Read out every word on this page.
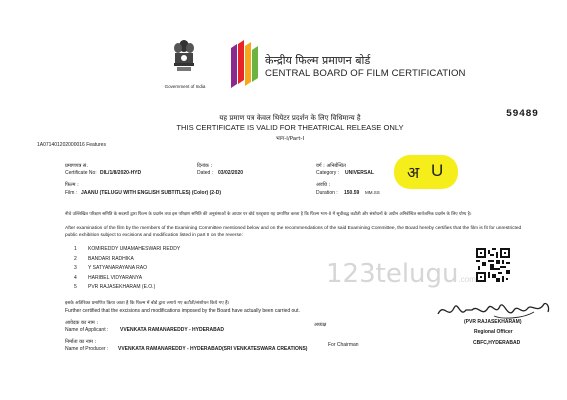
Government of India
केन्द्रीय फिल्म प्रमाणन बोर्ड
CENTRAL BOARD OF FILM CERTIFICATION
यह प्रमाण पत्र केवल थियेटर प्रदर्शन के लिए विधिमान्य है
THIS CERTIFICATE IS VALID FOR THEATRICAL RELEASE ONLY
भाग-I/Part-I
59489
1A071401202000016 Features
प्रमाणपत्र सं.
Certificate No: DIL/1/8/2020-HYD
दिनांक :
Dated : 03/02/2020
वर्ग : अनिर्बन्धित
Category : UNIVERSAL
फिल्म :
Film : JAANU (TELUGU WITH ENGLISH SUBTITLES) (Color) (2-D)
अवधि :
Duration : 150.59 MM.SS
अ U
नीचे उल्लिखित परिक्षण समिति के सदस्यों द्वारा फिल्म के प्रदर्शन तथा इस परिक्षण समिति की अनुशंसाओं के आधार पर बोर्ड एतद्द्वारा यह प्रमाणित करता है कि फिल्म भाग-II में सूचीबद्ध कटौती और संशोधनों के अधीन अनिर्बन्धित सार्वजनिक प्रदर्शन के लिए योग्य है।
After examination of the film by the members of the Examining Committee mentioned below and on the recommendations of the said Examining Committee, the Board hereby certifies that the film is fit for unrestricted public exhibition subject to excisions and modification listed in part II on the reverse:
1 KOMIREDDY UMAMAHESWARI REDDY
2 BANDARI RADHIKA
3 Y SATYANARAYANA RAO
4 HARIBEL VIDYARANYA
5 PVR RAJASEKHARAM (E.O.)	123telugu.com
इसके अतिरिक्त प्रमाणित किया जाता है कि फिल्म में बोर्ड द्वारा लगाये गए कटौती/संशोधन किये गए हैं।
Further certified that the excisions and modifications imposed by the Board have actually been carried out.
(PVR RAJASEKHARAM)
अध्यक्ष
आवेदक का नाम :
Name of Applicant : VVENKATA RAMANAREDDY - HYDERABAD	Regional Officer
निर्माता का नाम :
Name of Producer : VVENKATA RAMANAREDDY - HYDERABAD(SRI VENKATESWARA CREATIONS)
For Chairman	CBFC,HYDERABAD
